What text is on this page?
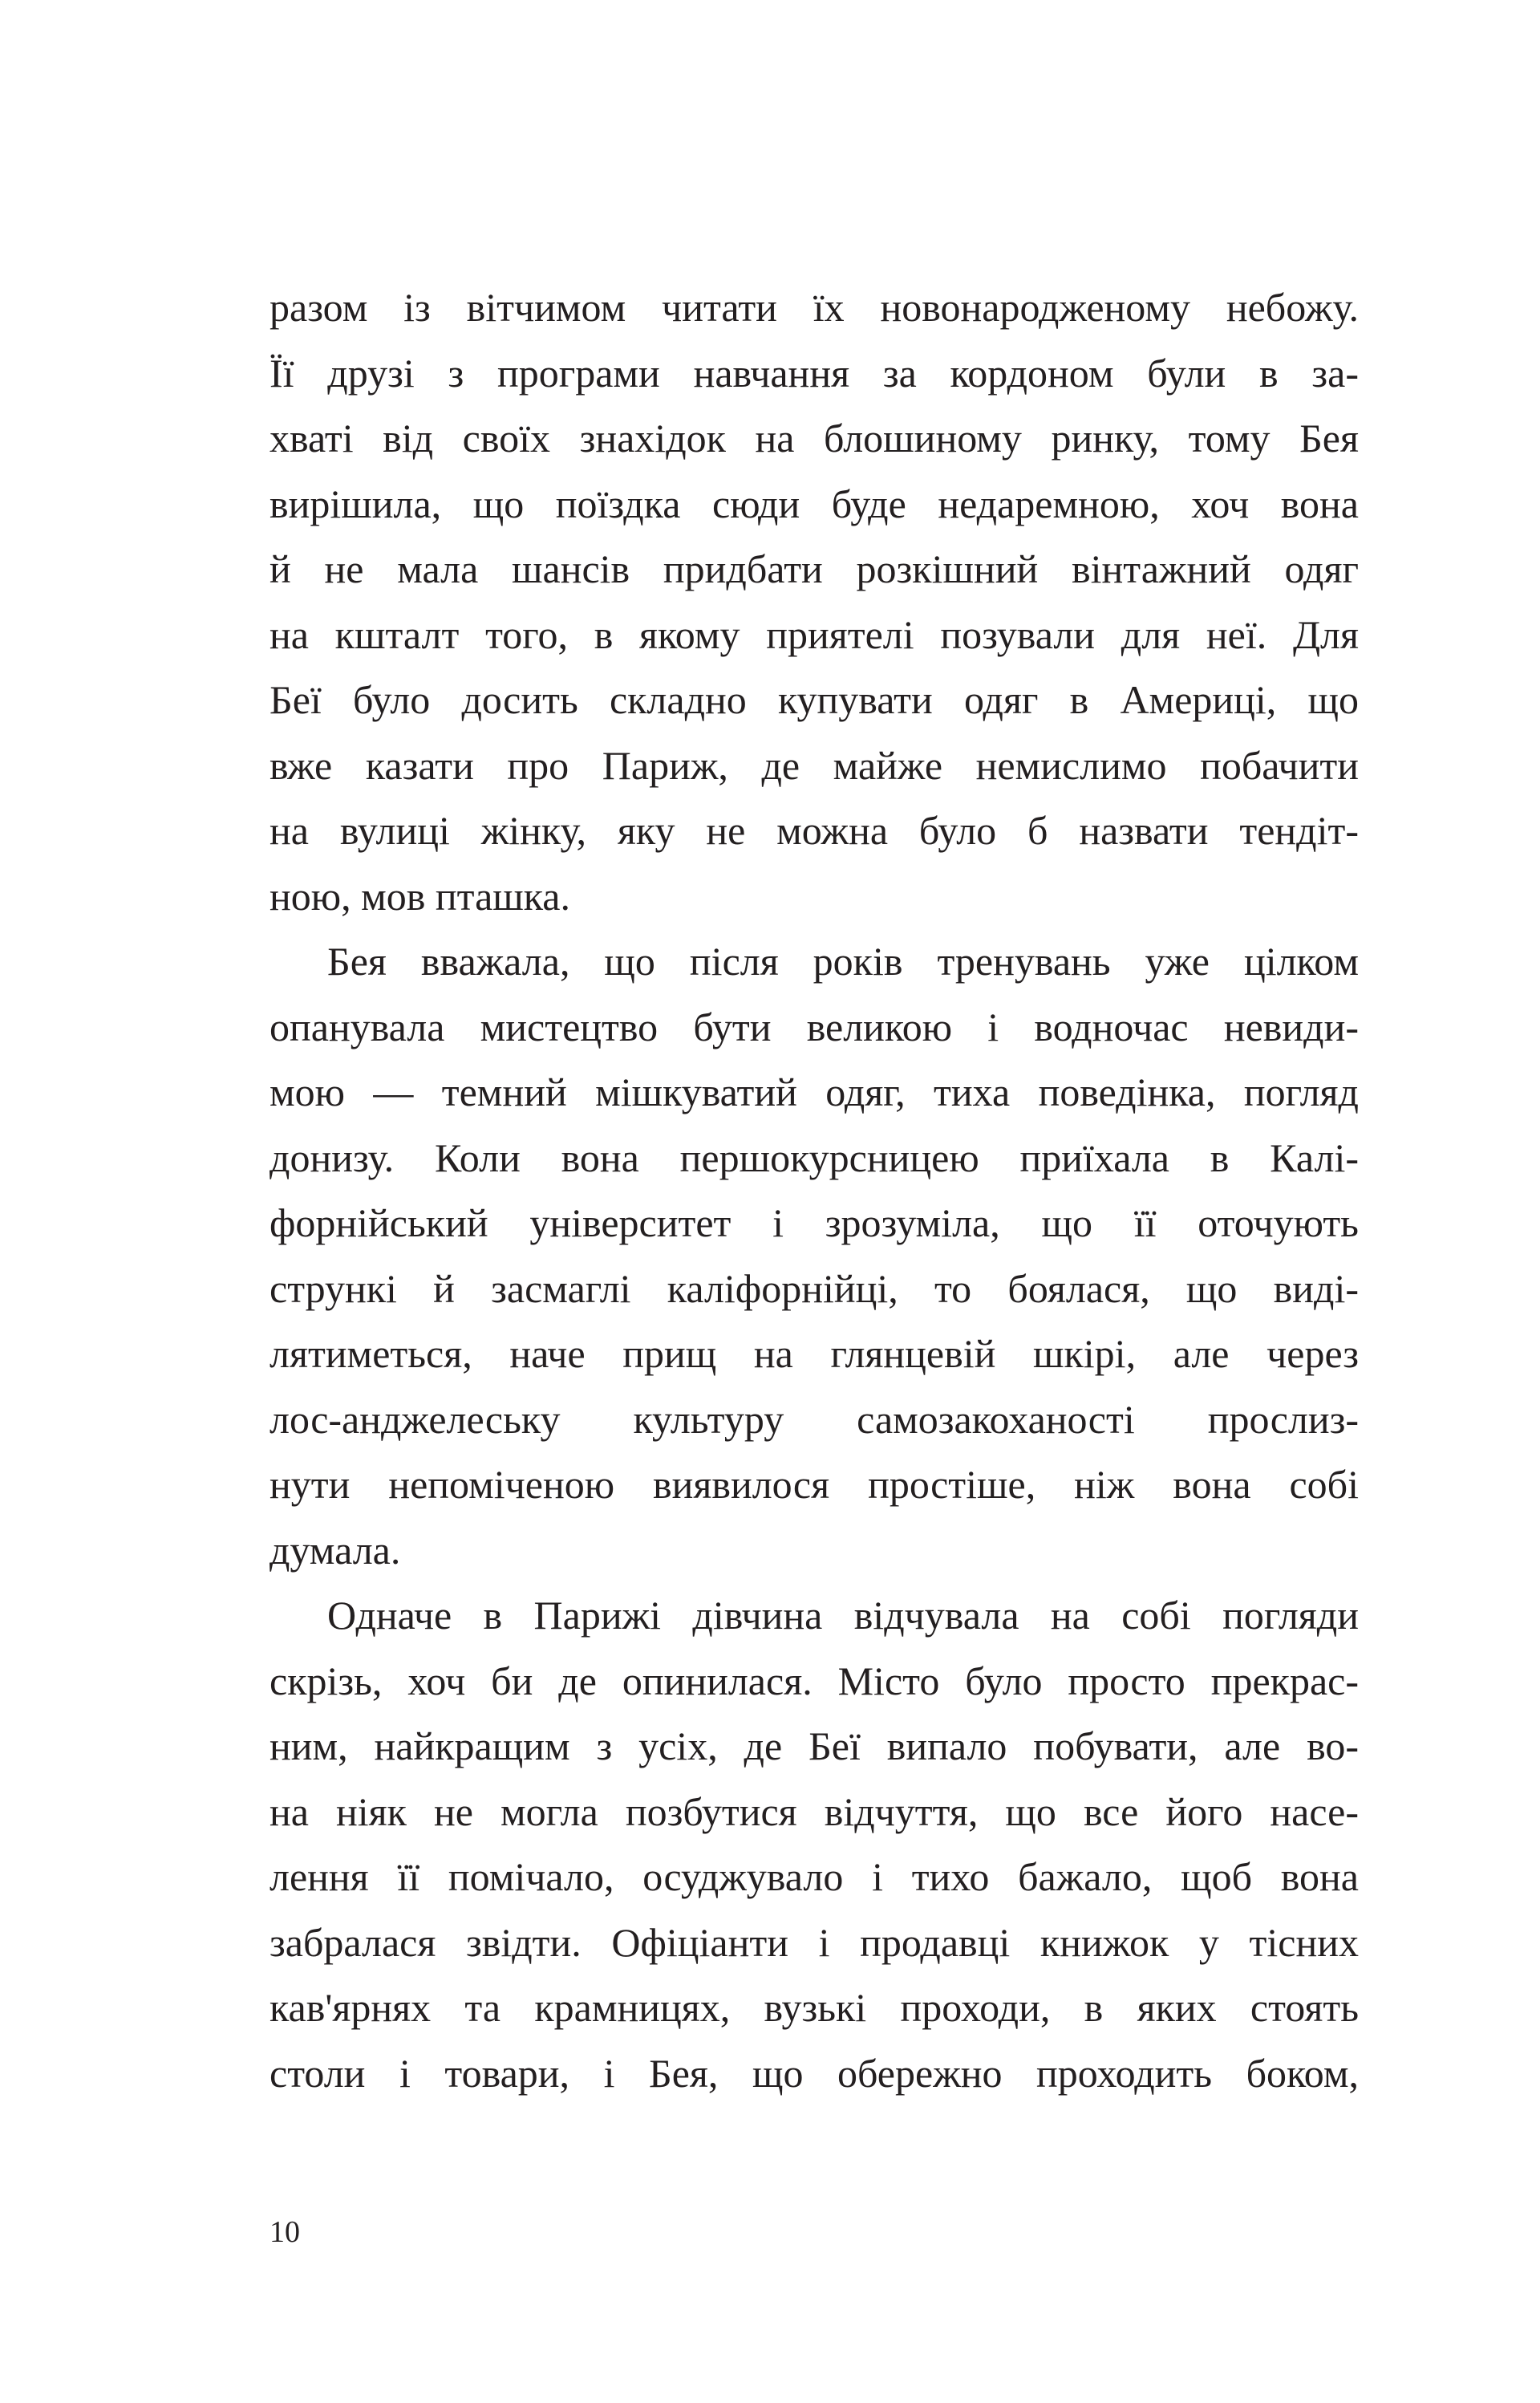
разом із вітчимом читати їх новонародженому небожу.
Її друзі з програми навчання за кордоном були в за-
хваті від своїх знахідок на блошиному ринку, тому Бея
вирішила, що поїздка сюди буде недаремною, хоч вона
й не мала шансів придбати розкішний вінтажний одяг
на кшталт того, в якому приятелі позували для неї. Для
Беї було досить складно купувати одяг в Америці, що
вже казати про Париж, де майже немислимо побачити
на вулиці жінку, яку не можна було б назвати тендіт-
ною, мов пташка.
Бея вважала, що після років тренувань уже цілком
опанувала мистецтво бути великою і водночас невиди-
мою — темний мішкуватий одяг, тиха поведінка, погляд
донизу. Коли вона першокурсницею приїхала в Калі-
форнійський університет і зрозуміла, що її оточують
стрункі й засмаглі каліфорнійці, то боялася, що виді-
лятиметься, наче прищ на глянцевій шкірі, але через
лос-анджелеську культуру самозакоханості прослиз-
нути непоміченою виявилося простіше, ніж вона собі
думала.
Одначе в Парижі дівчина відчувала на собі погляди
скрізь, хоч би де опинилася. Місто було просто прекрас-
ним, найкращим з усіх, де Беї випало побувати, але во-
на ніяк не могла позбутися відчуття, що все його насе-
лення її помічало, осуджувало і тихо бажало, щоб вона
забралася звідти. Офіціанти і продавці книжок у тісних
кав'ярнях та крамницях, вузькі проходи, в яких стоять
столи і товари, і Бея, що обережно проходить боком,
10
